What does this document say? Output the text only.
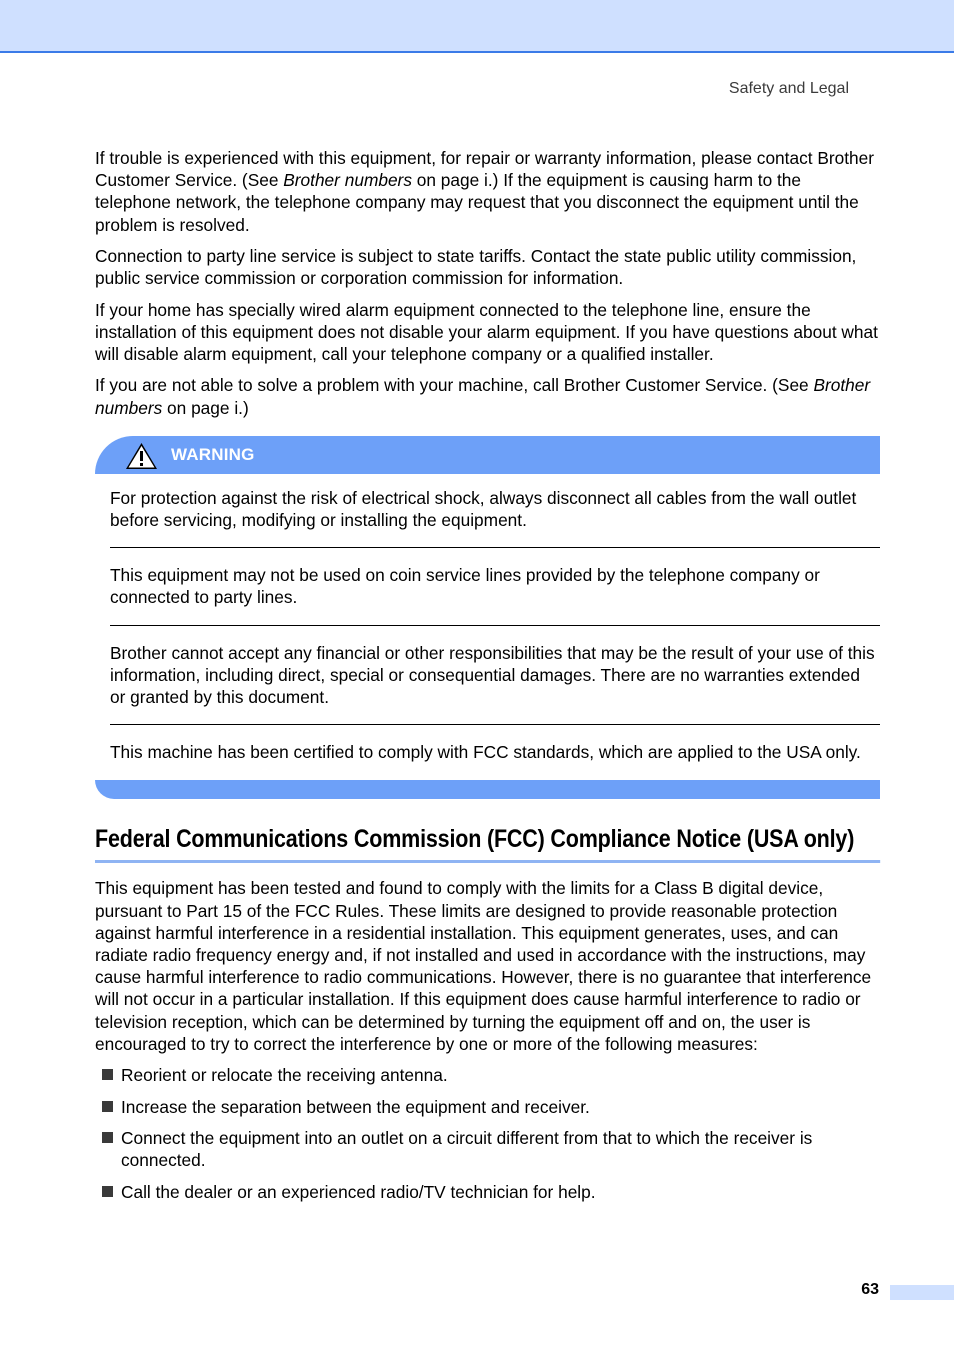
Safety and Legal

If trouble is experienced with this equipment, for repair or warranty information, please contact Brother Customer Service. (See Brother numbers on page i.) If the equipment is causing harm to the telephone network, the telephone company may request that you disconnect the equipment until the problem is resolved.

Connection to party line service is subject to state tariffs. Contact the state public utility commission, public service commission or corporation commission for information.

If your home has specially wired alarm equipment connected to the telephone line, ensure the installation of this equipment does not disable your alarm equipment. If you have questions about what will disable alarm equipment, call your telephone company or a qualified installer.

If you are not able to solve a problem with your machine, call Brother Customer Service. (See Brother numbers on page i.)

WARNING
For protection against the risk of electrical shock, always disconnect all cables from the wall outlet before servicing, modifying or installing the equipment.
This equipment may not be used on coin service lines provided by the telephone company or connected to party lines.
Brother cannot accept any financial or other responsibilities that may be the result of your use of this information, including direct, special or consequential damages. There are no warranties extended or granted by this document.
This machine has been certified to comply with FCC standards, which are applied to the USA only.
Federal Communications Commission (FCC) Compliance Notice (USA only)

This equipment has been tested and found to comply with the limits for a Class B digital device, pursuant to Part 15 of the FCC Rules. These limits are designed to provide reasonable protection against harmful interference in a residential installation. This equipment generates, uses, and can radiate radio frequency energy and, if not installed and used in accordance with the instructions, may cause harmful interference to radio communications. However, there is no guarantee that interference will not occur in a particular installation. If this equipment does cause harmful interference to radio or television reception, which can be determined by turning the equipment off and on, the user is encouraged to try to correct the interference by one or more of the following measures:

Reorient or relocate the receiving antenna.
Increase the separation between the equipment and receiver.
Connect the equipment into an outlet on a circuit different from that to which the receiver is connected.
Call the dealer or an experienced radio/TV technician for help.
63
